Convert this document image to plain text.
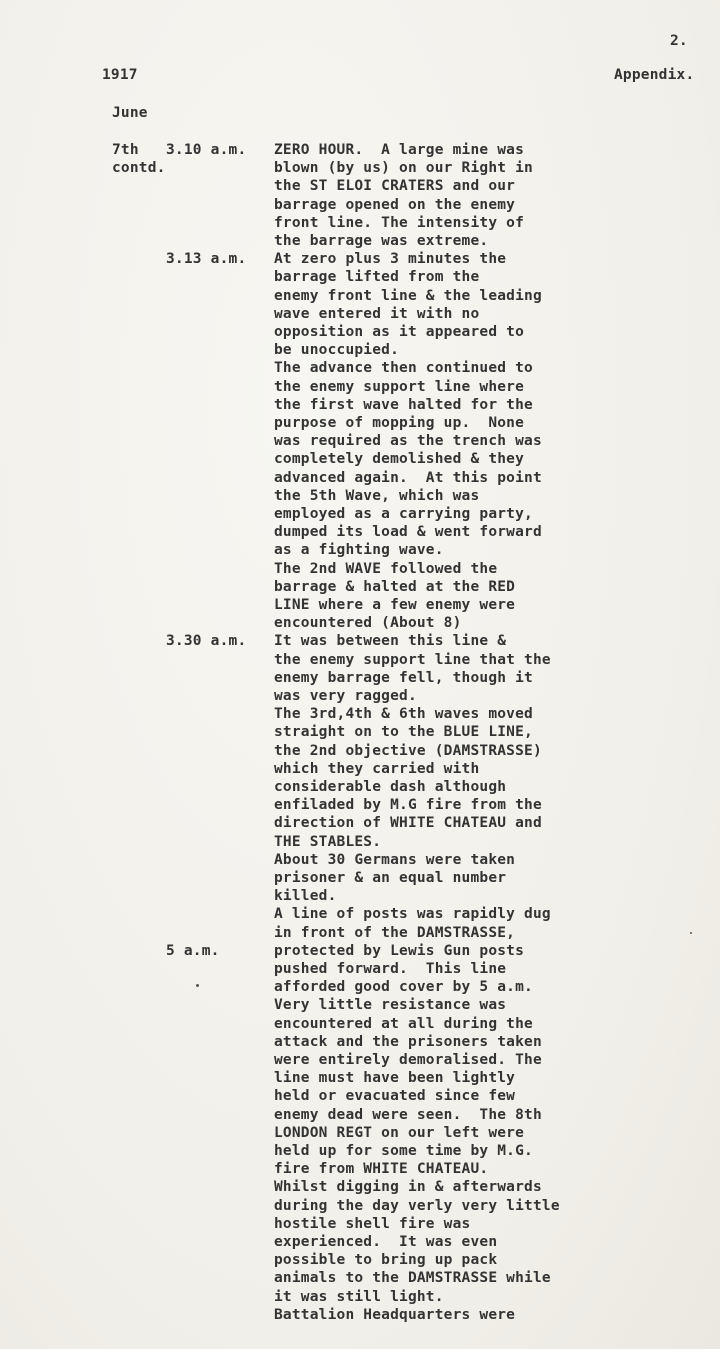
2.
1917	Appendix.
June
7th
contd.
3.10 a.m.
3.13 a.m.
3.30 a.m.
5 a.m.
ZERO HOUR.  A large mine was
blown (by us) on our Right in
the ST ELOI CRATERS and our
barrage opened on the enemy
front line. The intensity of
the barrage was extreme.
At zero plus 3 minutes the
barrage lifted from the
enemy front line & the leading
wave entered it with no
opposition as it appeared to
be unoccupied.
The advance then continued to
the enemy support line where
the first wave halted for the
purpose of mopping up.  None
was required as the trench was
completely demolished & they
advanced again.  At this point
the 5th Wave, which was
employed as a carrying party,
dumped its load & went forward
as a fighting wave.
The 2nd WAVE followed the
barrage & halted at the RED
LINE where a few enemy were
encountered (About 8)
It was between this line &
the enemy support line that the
enemy barrage fell, though it
was very ragged.
The 3rd,4th & 6th waves moved
straight on to the BLUE LINE,
the 2nd objective (DAMSTRASSE)
which they carried with
considerable dash although
enfiladed by M.G fire from the
direction of WHITE CHATEAU and
THE STABLES.
About 30 Germans were taken
prisoner & an equal number
killed.
A line of posts was rapidly dug
in front of the DAMSTRASSE,
protected by Lewis Gun posts
pushed forward.  This line
afforded good cover by 5 a.m.
Very little resistance was
encountered at all during the
attack and the prisoners taken
were entirely demoralised. The
line must have been lightly
held or evacuated since few
enemy dead were seen.  The 8th
LONDON REGT on our left were
held up for some time by M.G.
fire from WHITE CHATEAU.
Whilst digging in & afterwards
during the day verly very little
hostile shell fire was
experienced.  It was even
possible to bring up pack
animals to the DAMSTRASSE while
it was still light.
Battalion Headquarters were
